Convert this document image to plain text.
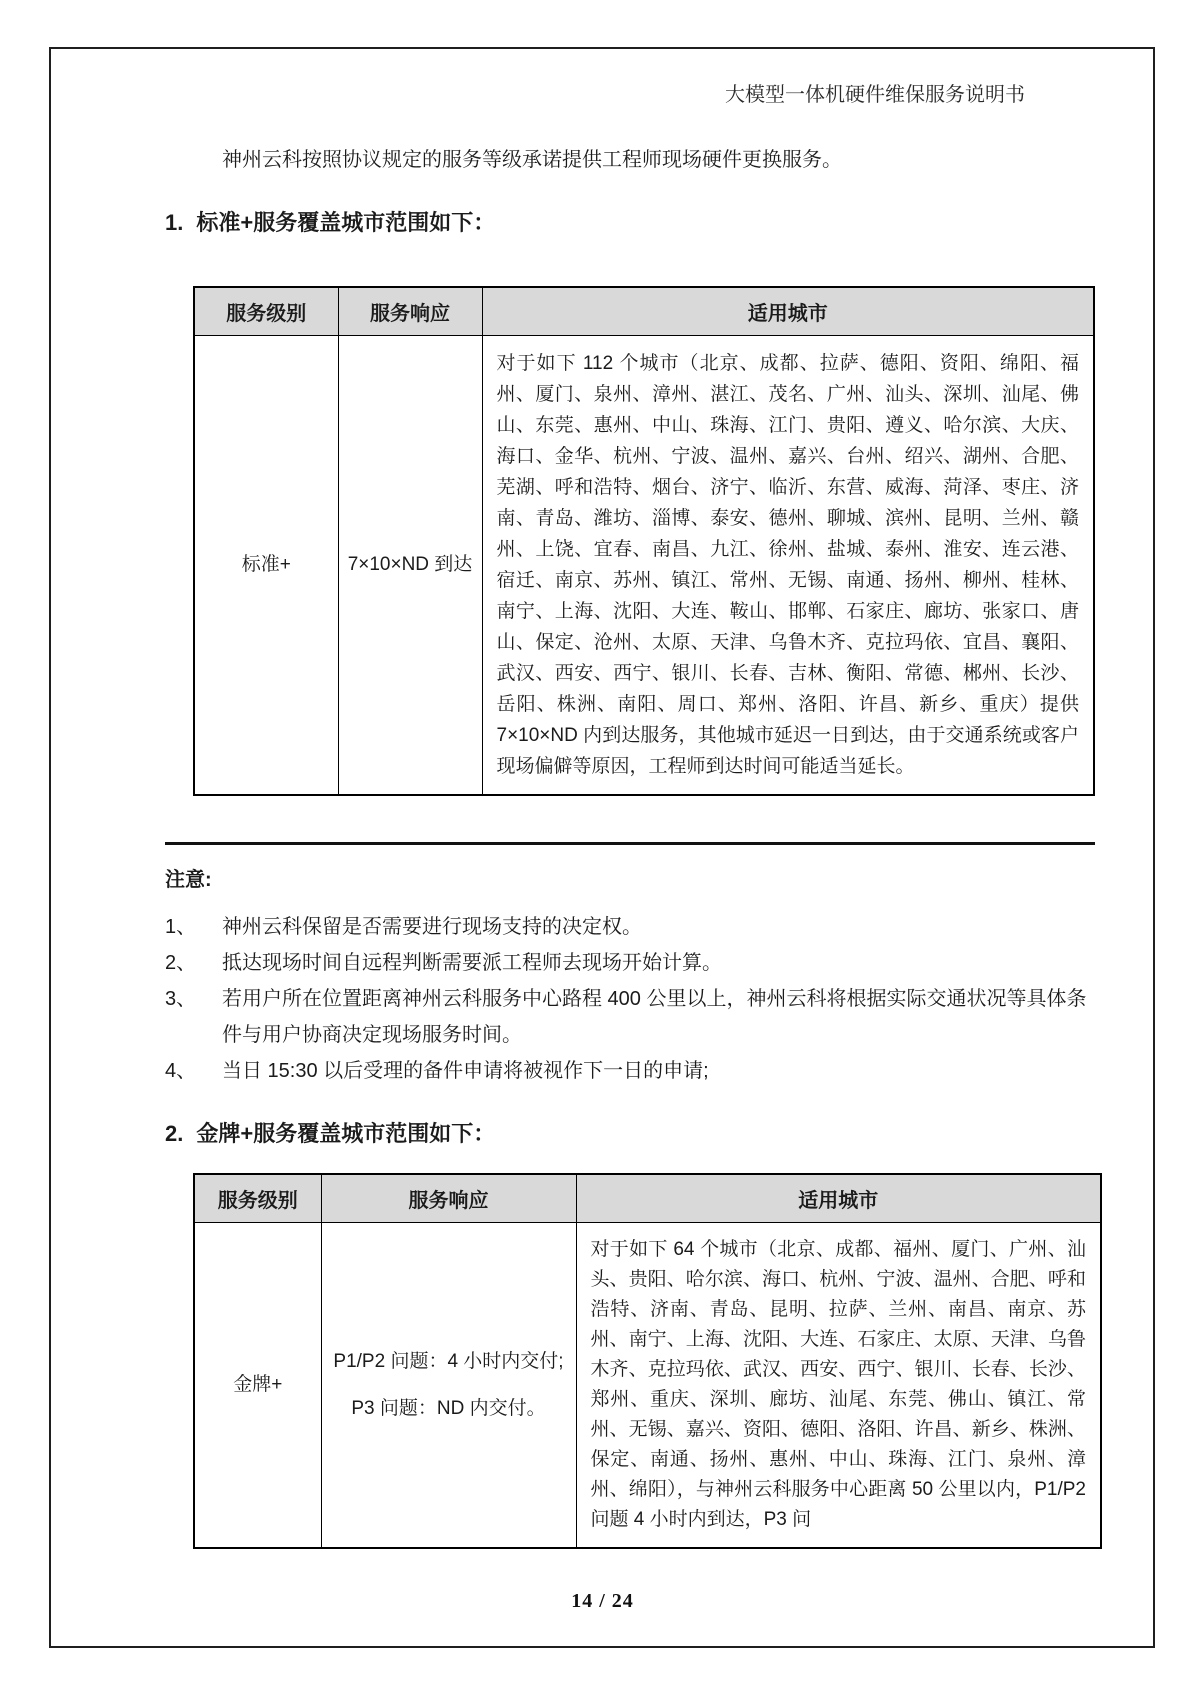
大模型一体机硬件维保服务说明书

神州云科按照协议规定的服务等级承诺提供工程师现场硬件更换服务。

1. 标准+服务覆盖城市范围如下：
服务级别	服务响应	适用城市
标准+	7×10×ND 到达	对于如下 112 个城市（北京、成都、拉萨、德阳、资阳、绵阳、福州、厦门、泉州、漳州、湛江、茂名、广州、汕头、深圳、汕尾、佛山、东莞、惠州、中山、珠海、江门、贵阳、遵义、哈尔滨、大庆、海口、金华、杭州、宁波、温州、嘉兴、台州、绍兴、湖州、合肥、芜湖、呼和浩特、烟台、济宁、临沂、东营、威海、菏泽、枣庄、济南、青岛、潍坊、淄博、泰安、德州、聊城、滨州、昆明、兰州、赣州、上饶、宜春、南昌、九江、徐州、盐城、泰州、淮安、连云港、宿迁、南京、苏州、镇江、常州、无锡、南通、扬州、柳州、桂林、南宁、上海、沈阳、大连、鞍山、邯郸、石家庄、廊坊、张家口、唐山、保定、沧州、太原、天津、乌鲁木齐、克拉玛依、宜昌、襄阳、武汉、西安、西宁、银川、长春、吉林、衡阳、常德、郴州、长沙、岳阳、株洲、南阳、周口、郑州、洛阳、许昌、新乡、重庆）提供 7×10×ND 内到达服务，其他城市延迟一日到达，由于交通系统或客户现场偏僻等原因，工程师到达时间可能适当延长。
注意:
1、	神州云科保留是否需要进行现场支持的决定权。
2、	抵达现场时间自远程判断需要派工程师去现场开始计算。
3、	若用户所在位置距离神州云科服务中心路程 400 公里以上，神州云科将根据实际交通状况等具体条件与用户协商决定现场服务时间。
4、	当日 15:30 以后受理的备件申请将被视作下一日的申请;
2. 金牌+服务覆盖城市范围如下：
服务级别	服务响应	适用城市
金牌+	P1/P2 问题：4 小时内交付;

P3 问题：ND 内交付。	对于如下 64 个城市（北京、成都、福州、厦门、广州、汕头、贵阳、哈尔滨、海口、杭州、宁波、温州、合肥、呼和浩特、济南、青岛、昆明、拉萨、兰州、南昌、南京、苏州、南宁、上海、沈阳、大连、石家庄、太原、天津、乌鲁木齐、克拉玛依、武汉、西安、西宁、银川、长春、长沙、郑州、重庆、深圳、廊坊、汕尾、东莞、佛山、镇江、常州、无锡、嘉兴、资阳、德阳、洛阳、许昌、新乡、株洲、保定、南通、扬州、惠州、中山、珠海、江门、泉州、漳州、绵阳），与神州云科服务中心距离 50 公里以内，P1/P2 问题 4 小时内到达，P3 问
14 / 24
